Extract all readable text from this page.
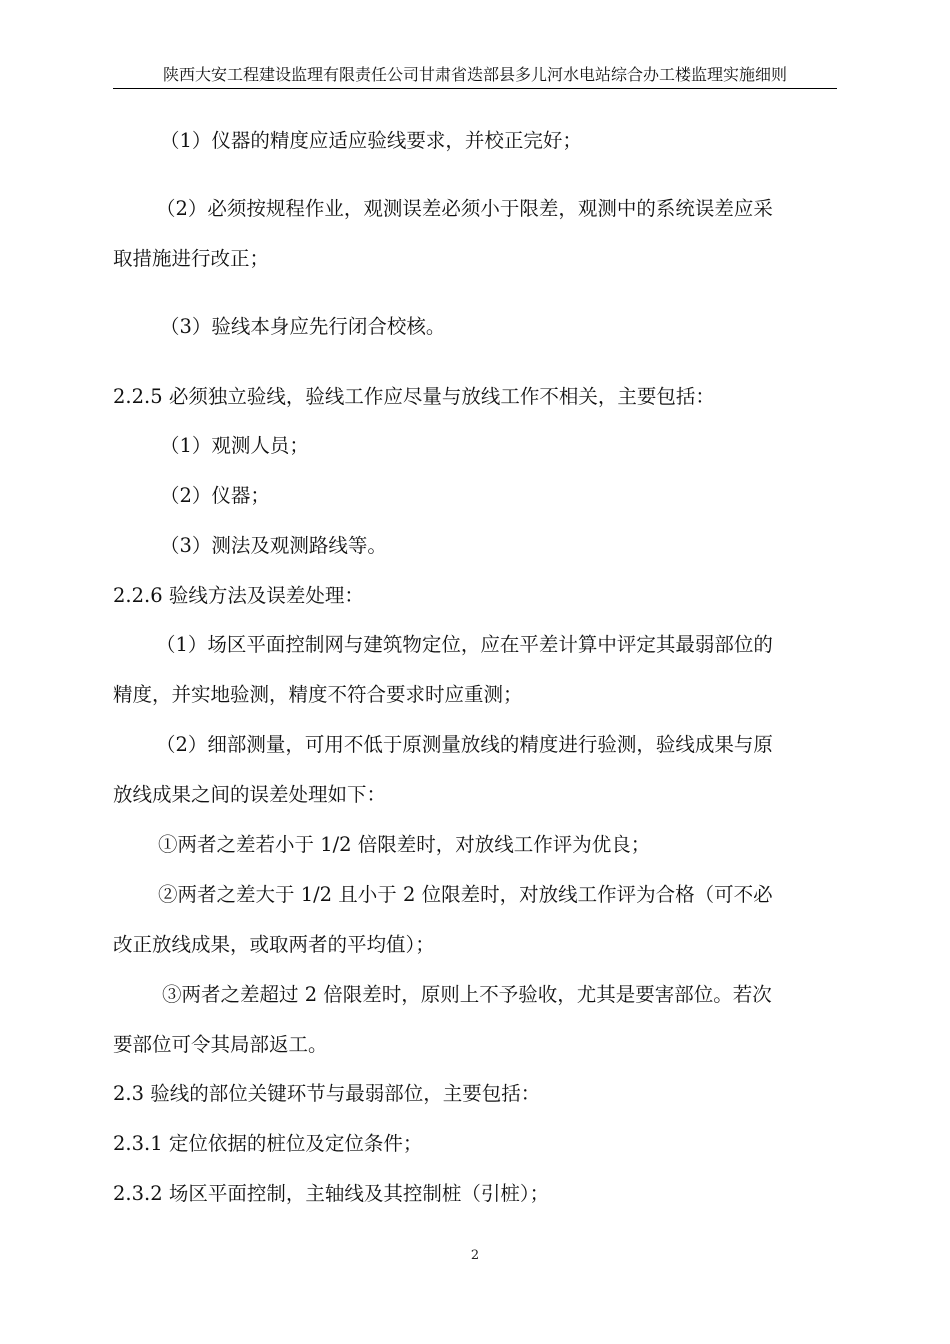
陕西大安工程建设监理有限责任公司甘肃省迭部县多儿河水电站综合办工楼监理实施细则
（1）仪器的精度应适应验线要求，并校正完好；
（2）必须按规程作业，观测误差必须小于限差，观测中的系统误差应采
取措施进行改正；
（3）验线本身应先行闭合校核。
2.2.5 必须独立验线，验线工作应尽量与放线工作不相关，主要包括：
（1）观测人员；
（2）仪器；
（3）测法及观测路线等。
2.2.6 验线方法及误差处理：
（1）场区平面控制网与建筑物定位，应在平差计算中评定其最弱部位的
精度，并实地验测，精度不符合要求时应重测；
（2）细部测量，可用不低于原测量放线的精度进行验测，验线成果与原
放线成果之间的误差处理如下：
①两者之差若小于 1/2 倍限差时，对放线工作评为优良；
②两者之差大于 1/2 且小于 2 位限差时，对放线工作评为合格（可不必
改正放线成果，或取两者的平均值）；
③两者之差超过 2 倍限差时，原则上不予验收，尤其是要害部位。若次
要部位可令其局部返工。
2.3 验线的部位关键环节与最弱部位，主要包括：
2.3.1 定位依据的桩位及定位条件；
2.3.2 场区平面控制，主轴线及其控制桩（引桩）；
2
